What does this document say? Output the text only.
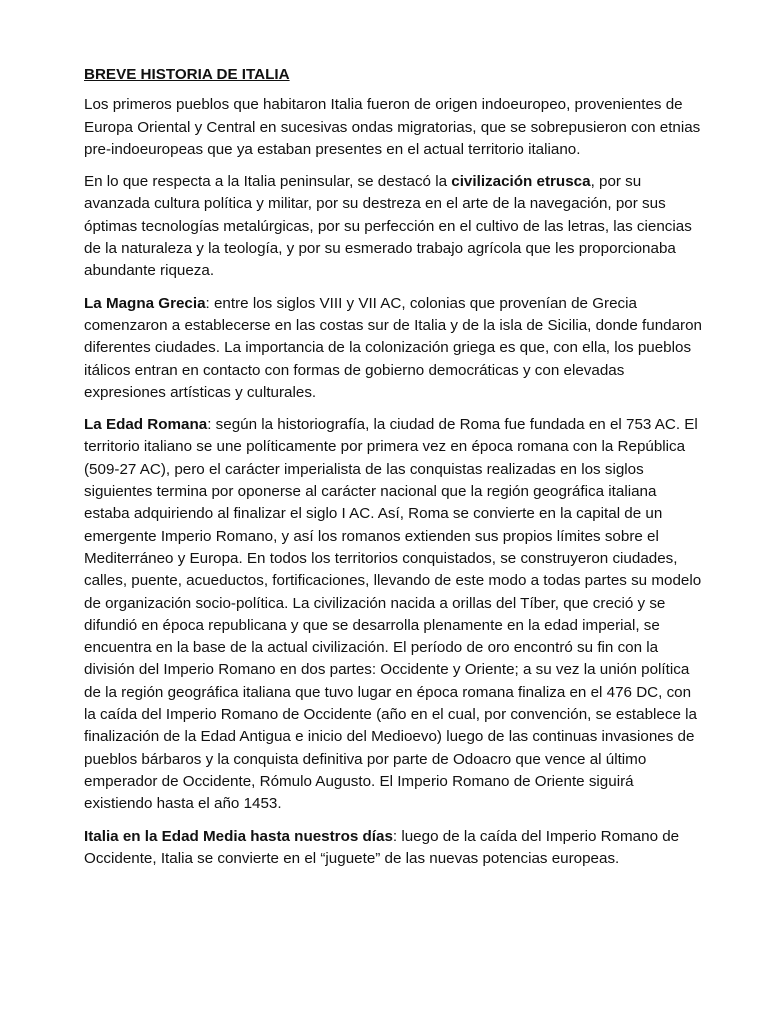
BREVE HISTORIA DE ITALIA

Los primeros pueblos que habitaron Italia fueron de origen indoeuropeo, provenientes de Europa Oriental y Central en sucesivas ondas migratorias, que se sobrepusieron con etnias pre-indoeuropeas que ya estaban presentes en el actual territorio italiano.

En lo que respecta a la Italia peninsular, se destacó la civilización etrusca, por su avanzada cultura política y militar, por su destreza en el arte de la navegación, por sus óptimas tecnologías metalúrgicas, por su perfección en el cultivo de las letras, las ciencias de la naturaleza y la teología, y por su esmerado trabajo agrícola que les proporcionaba abundante riqueza.

La Magna Grecia: entre los siglos VIII y VII AC, colonias que provenían de Grecia comenzaron a establecerse en las costas sur de Italia y de la isla de Sicilia, donde fundaron diferentes ciudades. La importancia de la colonización griega es que, con ella, los pueblos itálicos entran en contacto con formas de gobierno democráticas y con elevadas expresiones artísticas y culturales.

La Edad Romana: según la historiografía, la ciudad de Roma fue fundada en el 753 AC. El territorio italiano se une políticamente por primera vez en época romana con la República (509-27 AC), pero el carácter imperialista de las conquistas realizadas en los siglos siguientes termina por oponerse al carácter nacional que la región geográfica italiana estaba adquiriendo al finalizar el siglo I AC. Así, Roma se convierte en la capital de un emergente Imperio Romano, y así los romanos extienden sus propios límites sobre el Mediterráneo y Europa. En todos los territorios conquistados, se construyeron ciudades, calles, puente, acueductos, fortificaciones, llevando de este modo a todas partes su modelo de organización socio-política. La civilización nacida a orillas del Tíber, que creció y se difundió en época republicana y que se desarrolla plenamente en la edad imperial, se encuentra en la base de la actual civilización. El período de oro encontró su fin con la división del Imperio Romano en dos partes: Occidente y Oriente; a su vez la unión política de la región geográfica italiana que tuvo lugar en época romana finaliza en el 476 DC, con la caída del Imperio Romano de Occidente (año en el cual, por convención, se establece la finalización de la Edad Antigua e inicio del Medioevo) luego de las continuas invasiones de pueblos bárbaros y la conquista definitiva por parte de Odoacro que vence al último emperador de Occidente, Rómulo Augusto. El Imperio Romano de Oriente siguirá existiendo hasta el año 1453.

Italia en la Edad Media hasta nuestros días: luego de la caída del Imperio Romano de Occidente, Italia se convierte en el “juguete” de las nuevas potencias europeas.
